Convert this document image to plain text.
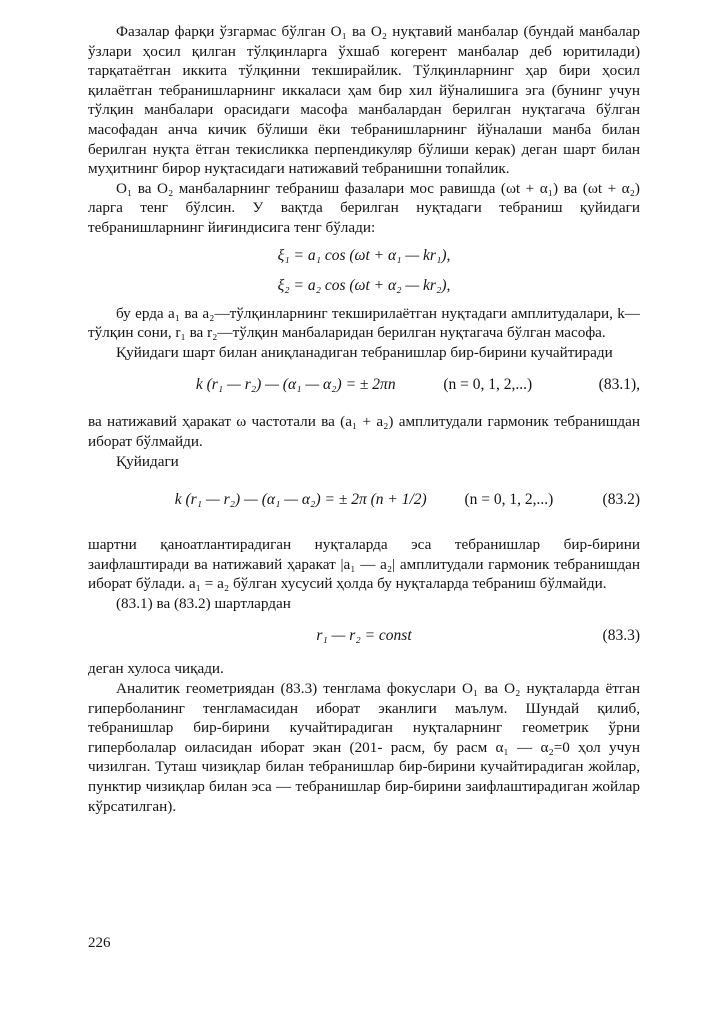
Фазалар фарқи ўзгармас бўлган O₁ ва O₂ нуқтавий манбалар (бундай манбалар ўзлари ҳосил қилган тўлқинларга ўхшаб когерент манбалар деб юритилади) тарқатаётган иккита тўлқинни текширайлик. Тўлқинларнинг ҳар бири ҳосил қилаётган тебранишларнинг иккаласи ҳам бир хил йўналишига эга (бунинг учун тўлқин манбалари орасидаги масофа манбалардан берилган нуқтагача бўлган масофадан анча кичик бўлиши ёки тебранишларнинг йўналаши манба билан берилган нуқта ётган текисликка перпендикуляр бўлиши керак) деган шарт билан муҳитнинг бирор нуқтасидаги натижавий тебранишни топайлик.

O₁ ва O₂ манбаларнинг тебраниш фазалари мос равишда (ωt + α₁) ва (ωt + α₂) ларга тенг бўлсин. У вақтда берилган нуқтадаги тебраниш қуйидаги тебранишларнинг йиғиндисига тенг бўлади:

ξ₁ = a₁ cos (ωt + α₁ — kr₁),

ξ₂ = a₂ cos (ωt + α₂ — kr₂),

бу ерда a₁ ва a₂—тўлқинларнинг текширилаётган нуқтадаги амплитудалари, k—тўлқин сони, r₁ ва r₂—тўлқин манбаларидан берилган нуқтагача бўлган масофа.

Қуйидаги шарт билан аниқланадиган тебранишлар бир-бирини кучайтиради

k (r₁ — r₂) — (α₁ — α₂) = ± 2πn	(n = 0, 1, 2,...)	(83.1),

ва натижавий ҳаракат ω частотали ва (a₁ + a₂) амплитудали гармоник тебранишдан иборат бўлмайди.

Қуйидаги

k (r₁ — r₂) — (α₁ — α₂) = ± 2π (n + 1/2) (n = 0, 1, 2,...)	(83.2)

шартни қаноатлантирадиган нуқталарда эса тебранишлар бир-бирини заифлаштиради ва натижавий ҳаракат |a₁ — a₂| амплитудали гармоник тебранишдан иборат бўлади. a₁ = a₂ бўлган хусусий ҳолда бу нуқталарда тебраниш бўлмайди.

(83.1) ва (83.2) шартлардан

r₁ — r₂ = const	(83.3)

деган хулоса чиқади.

Аналитик геометриядан (83.3) тенглама фокуслари O₁ ва O₂ нуқталарда ётган гиперболанинг тенгламасидан иборат эканлиги маълум. Шундай қилиб, тебранишлар бир-бирини кучайтирадиган нуқталарнинг геометрик ўрни гиперболалар оиласидан иборат экан (201- расм, бу расм α₁ — α₂=0 ҳол учун чизилган. Туташ чизиқлар билан тебранишлар бир-бирини кучайтирадиган жойлар, пунктир чизиқлар билан эса — тебранишлар бир-бирини заифлаштирадиган жойлар кўрсатилган).

226
